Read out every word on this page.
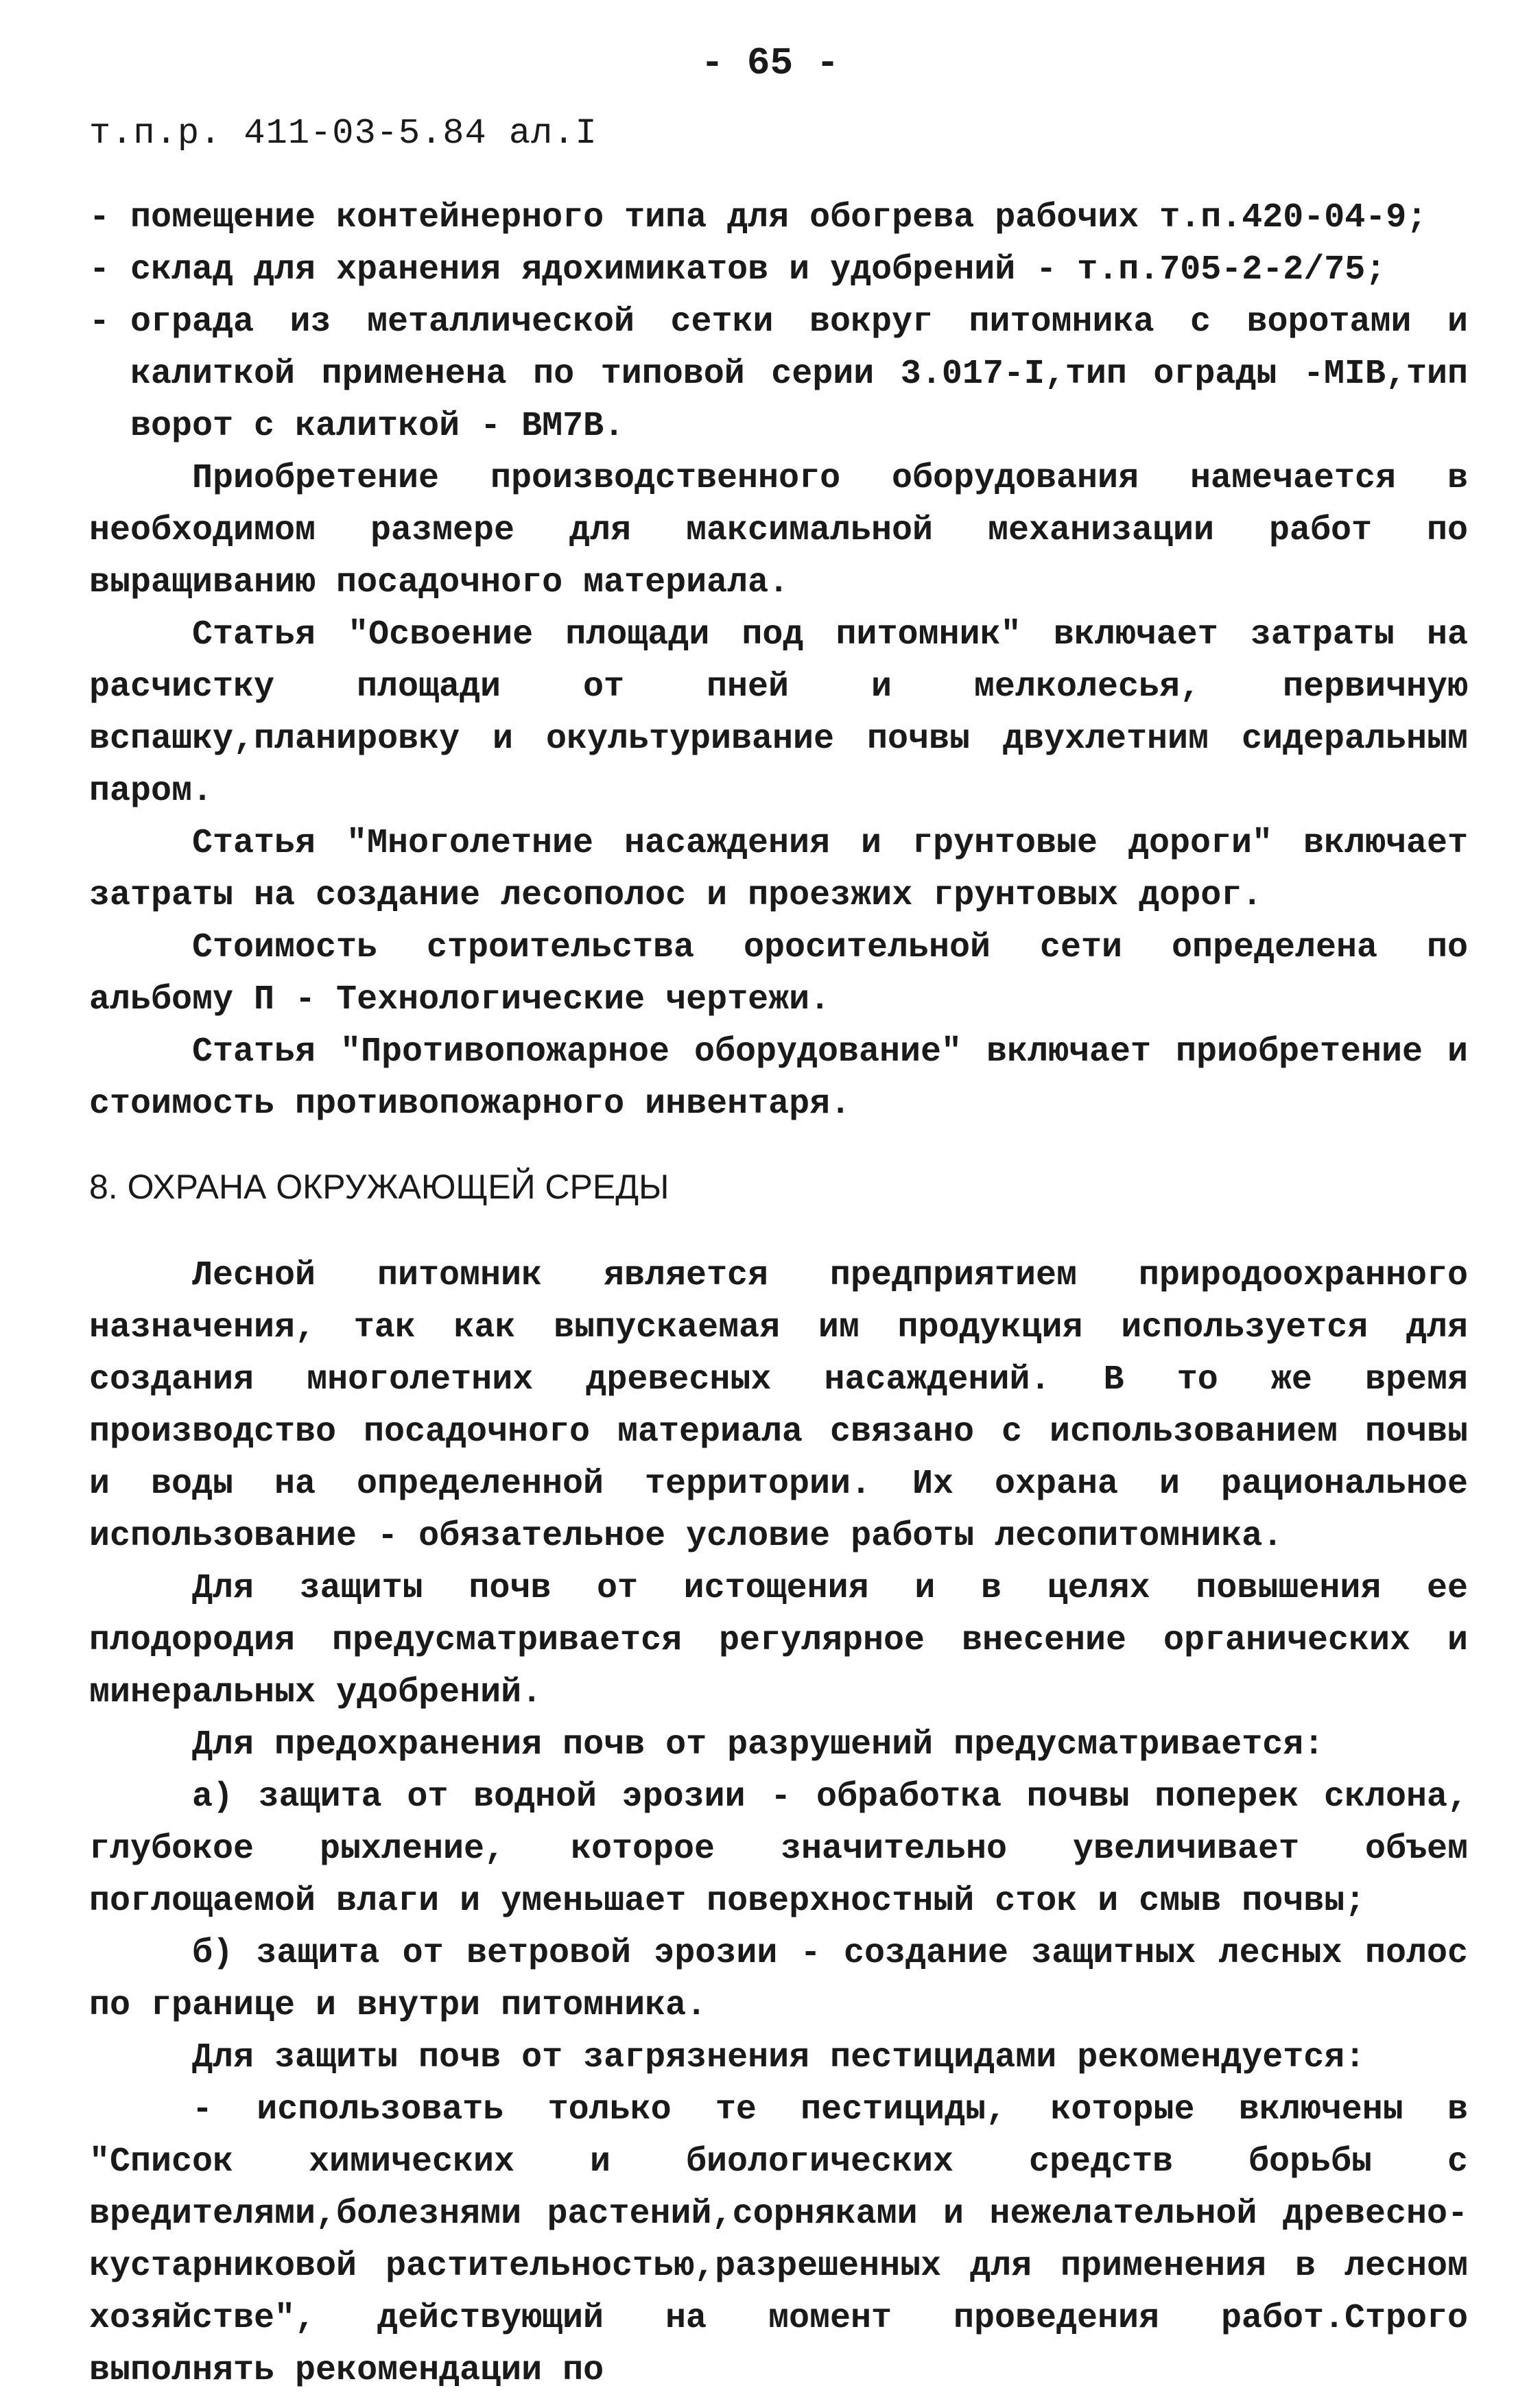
- 65 -
т.п.р. 411-03-5.84 ал.I

- помещение контейнерного типа для обогрева рабочих т.п.420-04-9;

- склад для хранения ядохимикатов и удобрений - т.п.705-2-2/75;

- ограда из металлической сетки вокруг питомника с воротами и калиткой применена по типовой серии 3.017-I,тип ограды -МIВ,тип ворот с калиткой - ВМ7В.

Приобретение производственного оборудования намечается в необходимом размере для максимальной механизации работ по выращиванию посадочного материала.

Статья "Освоение площади под питомник" включает затраты на расчистку площади от пней и мелколесья, первичную вспашку,планировку и окультуривание почвы двухлетним сидеральным паром.

Статья "Многолетние насаждения и грунтовые дороги" включает затраты на создание лесополос и проезжих грунтовых дорог.

Стоимость строительства оросительной сети определена по альбому П - Технологические чертежи.

Статья "Противопожарное оборудование" включает приобретение и стоимость противопожарного инвентаря.

8. ОХРАНА ОКРУЖАЮЩЕЙ СРЕДЫ

Лесной питомник является предприятием природоохранного назначения, так как выпускаемая им продукция используется для создания многолетних древесных насаждений. В то же время производство посадочного материала связано с использованием почвы и воды на определенной территории. Их охрана и рациональное использование - обязательное условие работы лесопитомника.

Для защиты почв от истощения и в целях повышения ее плодородия предусматривается регулярное внесение органических и минеральных удобрений.

Для предохранения почв от разрушений предусматривается:

а) защита от водной эрозии - обработка почвы поперек склона, глубокое рыхление, которое значительно увеличивает объем поглощаемой влаги и уменьшает поверхностный сток и смыв почвы;

б) защита от ветровой эрозии - создание защитных лесных полос по границе и внутри питомника.

Для защиты почв от загрязнения пестицидами рекомендуется:

- использовать только те пестициды, которые включены в "Список химических и биологических средств борьбы с вредителями,болезнями растений,сорняками и нежелательной древесно-кустарниковой растительностью,разрешенных для применения в лесном хозяйстве", действующий на момент проведения работ.Строго выполнять рекомендации по
